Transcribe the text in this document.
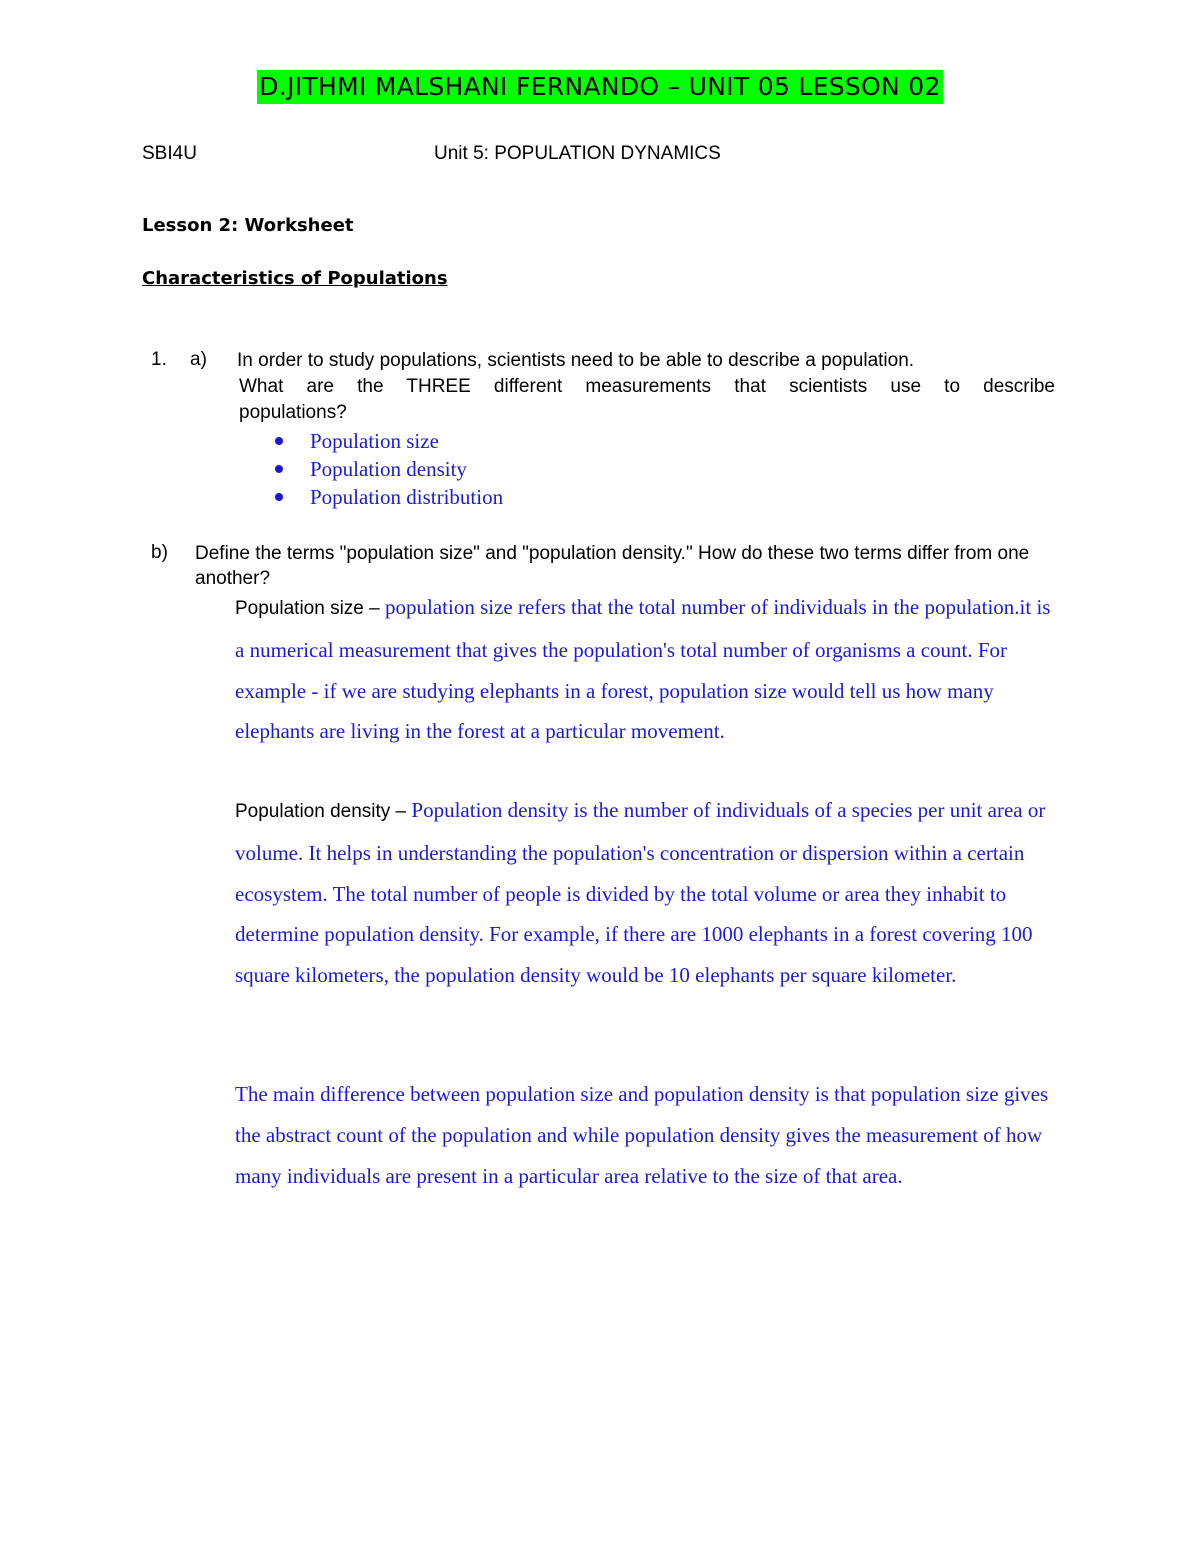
D.JITHMI MALSHANI FERNANDO – UNIT 05 LESSON 02
SBI4U	Unit 5: POPULATION DYNAMICS
Lesson 2: Worksheet
Characteristics of Populations
1. a) In order to study populations, scientists need to be able to describe a population.
What are the THREE different measurements that scientists use to describe
populations?
Population size
Population density
Population distribution
b) Define the terms "population size" and "population density." How do these two terms differ from one another?
Population size – population size refers that the total number of individuals in the population.it is a numerical measurement that gives the population's total number of organisms a count. For example - if we are studying elephants in a forest, population size would tell us how many elephants are living in the forest at a particular movement.
Population density – Population density is the number of individuals of a species per unit area or volume. It helps in understanding the population's concentration or dispersion within a certain ecosystem. The total number of people is divided by the total volume or area they inhabit to determine population density. For example, if there are 1000 elephants in a forest covering 100 square kilometers, the population density would be 10 elephants per square kilometer.
The main difference between population size and population density is that population size gives the abstract count of the population and while population density gives the measurement of how many individuals are present in a particular area relative to the size of that area.
